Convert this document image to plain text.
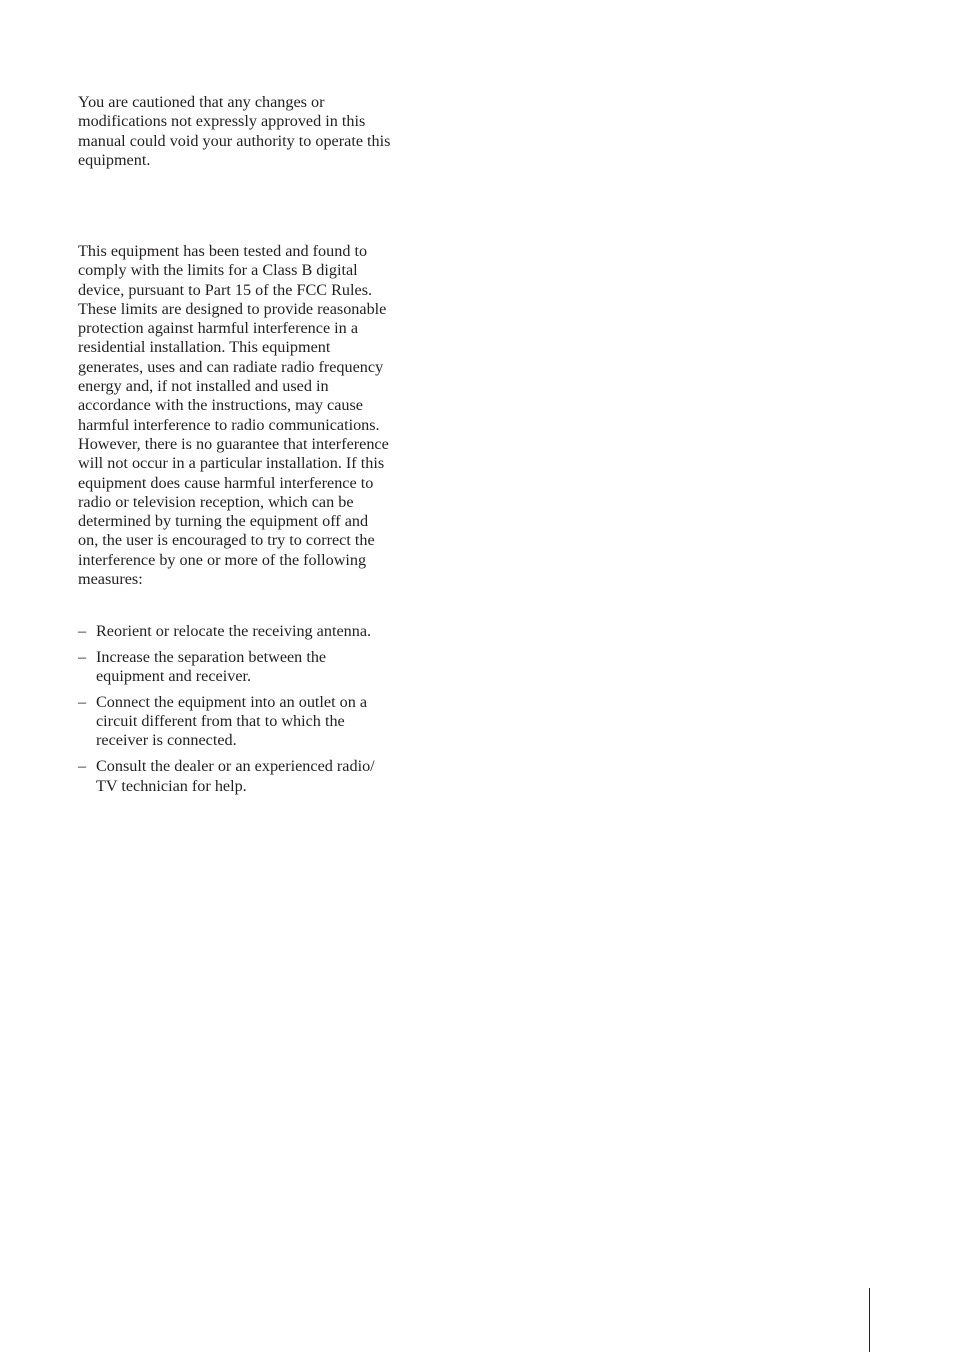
You are cautioned that any changes or
modifications not expressly approved in this
manual could void your authority to operate this
equipment.

This equipment has been tested and found to
comply with the limits for a Class B digital
device, pursuant to Part 15 of the FCC Rules.
These limits are designed to provide reasonable
protection against harmful interference in a
residential installation. This equipment
generates, uses and can radiate radio frequency
energy and, if not installed and used in
accordance with the instructions, may cause
harmful interference to radio communications.
However, there is no guarantee that interference
will not occur in a particular installation. If this
equipment does cause harmful interference to
radio or television reception, which can be
determined by turning the equipment off and
on, the user is encouraged to try to correct the
interference by one or more of the following
measures:

– Reorient or relocate the receiving antenna.
– Increase the separation between the
equipment and receiver.
– Connect the equipment into an outlet on a
circuit different from that to which the
receiver is connected.
– Consult the dealer or an experienced radio/
TV technician for help.
